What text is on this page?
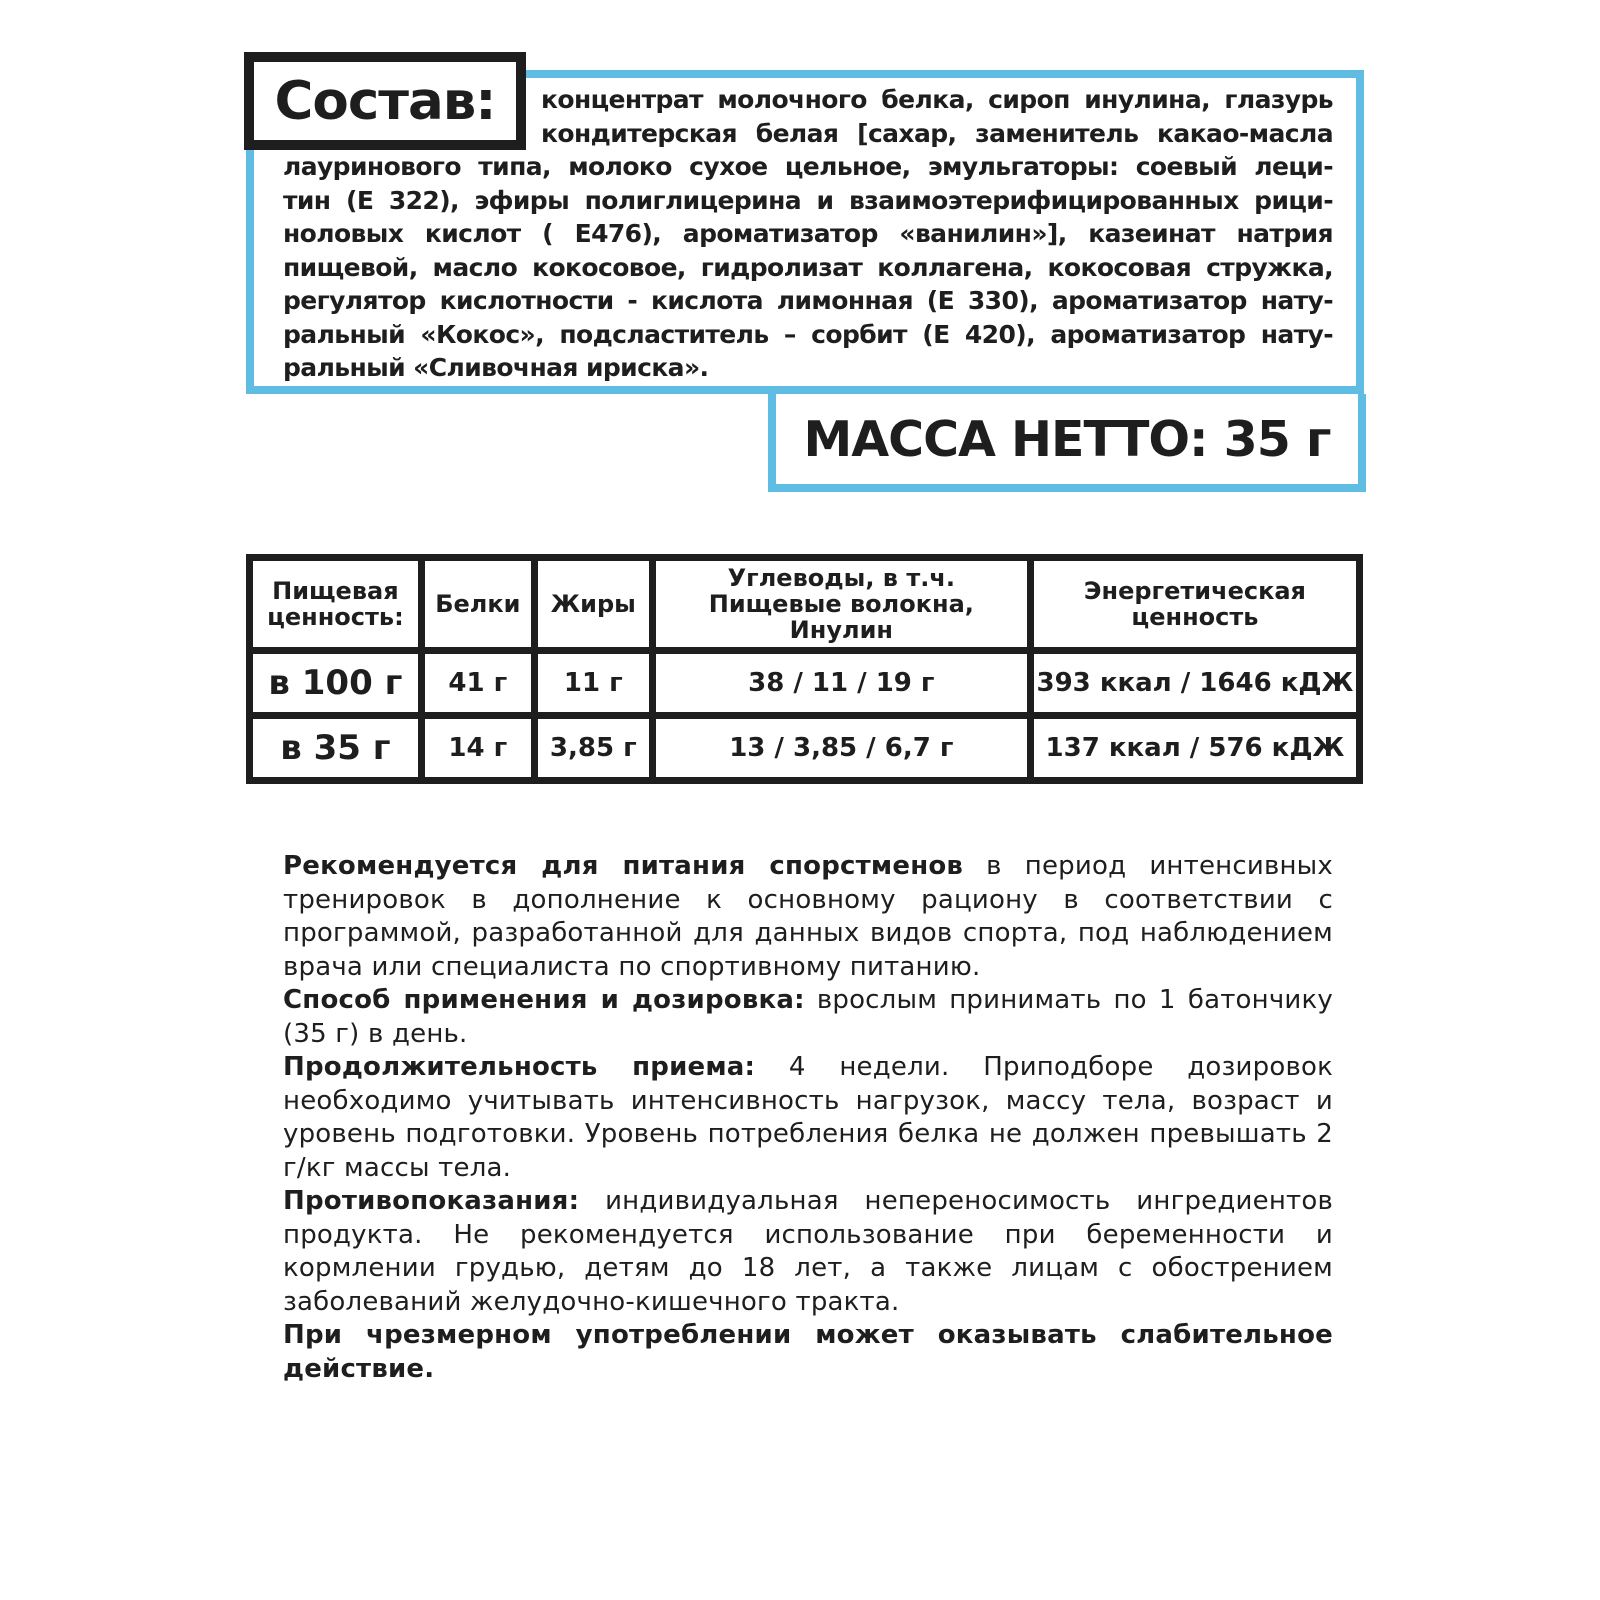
Состав:	концентрат молочного белка, сироп инулина, глазурь
кондитерская белая [сахар, заменитель какао-масла
лауринового типа, молоко сухое цельное, эмульгаторы: соевый леци-
тин (Е 322), эфиры полиглицерина и взаимоэтерифицированных рици-
ноловых кислот ( Е476), ароматизатор «ванилин»], казеинат натрия
пищевой, масло кокосовое, гидролизат коллагена, кокосовая стружка,
регулятор кислотности - кислота лимонная (Е 330), ароматизатор нату-
ральный «Кокос», подсластитель – сорбит (Е 420), ароматизатор нату-
ральный «Сливочная ириска».
МАССА НЕТТО: 35 г
Пищевая ценность:	Белки	Жиры	Углеводы, в т.ч. Пищевые волокна, Инулин	Энергетическая ценность
в 100 г	41 г	11 г	38 / 11 / 19 г	393 ккал / 1646 кДЖ
в 35 г	14 г	3,85 г	13 / 3,85 / 6,7 г	137 ккал / 576 кДЖ

Рекомендуется для питания спорстменов в период интенсивных тренировок в дополнение к основному рациону в соответствии с программой, разработанной для данных видов спорта, под наблюдением врача или специалиста по спортивному питанию.

Способ применения и дозировка: врослым принимать по 1 батончику (35 г) в день.

Продолжительность приема: 4 недели. Приподборе дозировок необходимо учитывать интенсивность нагрузок, массу тела, возраст и уровень подготовки. Уровень потребления белка не должен превышать 2 г/кг массы тела.

Противопоказания: индивидуальная непереносимость ингредиентов продукта. Не рекомендуется использование при беременности и кормлении грудью, детям до 18 лет, а также лицам с обострением заболеваний желудочно-кишечного тракта.

При чрезмерном употреблении может оказывать слабительное действие.
